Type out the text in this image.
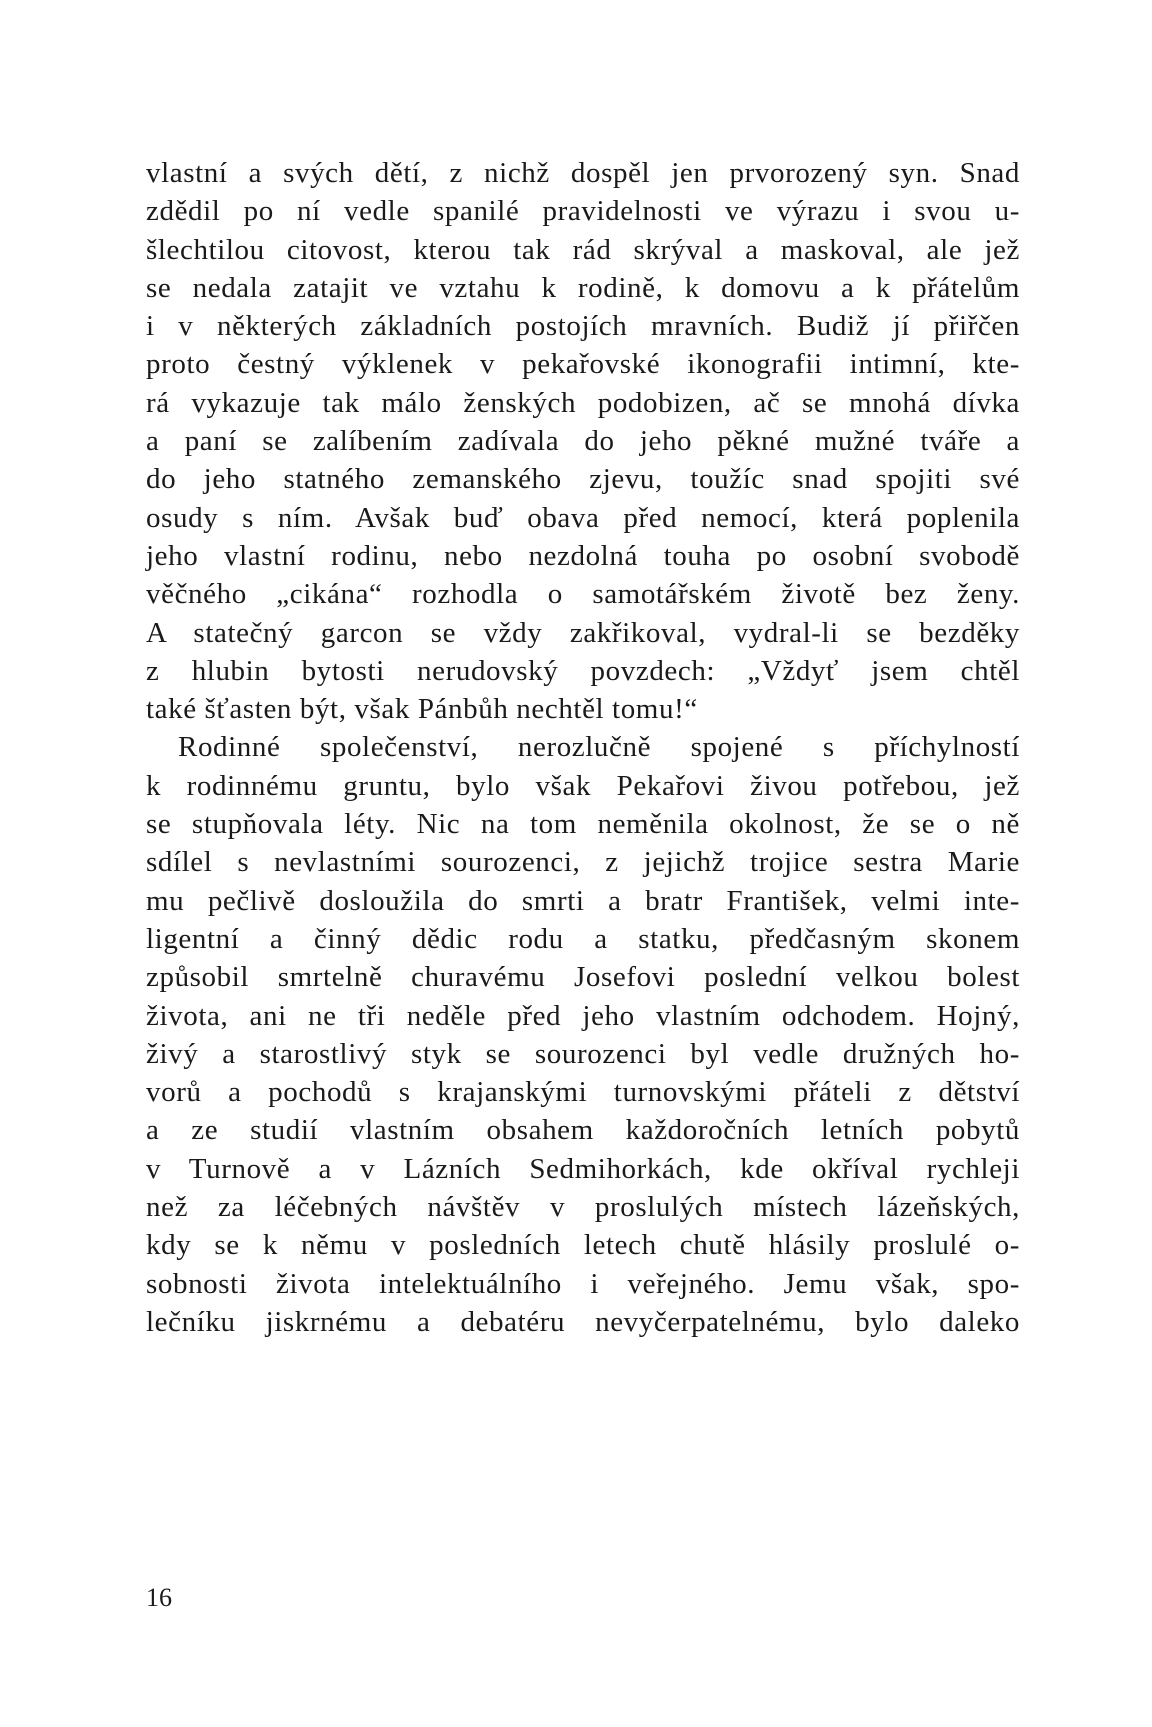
vlastní a svých dětí, z nichž dospěl jen prvorozený syn. Snad
zdědil po ní vedle spanilé pravidelnosti ve výrazu i svou u-
šlechtilou citovost, kterou tak rád skrýval a maskoval, ale jež
se nedala zatajit ve vztahu k rodině, k domovu a k přátelům
i v některých základních postojích mravních. Budiž jí přiřčen
proto čestný výklenek v pekařovské ikonografii intimní, kte-
rá vykazuje tak málo ženských podobizen, ač se mnohá dívka
a paní se zalíbením zadívala do jeho pěkné mužné tváře a
do jeho statného zemanského zjevu, toužíc snad spojiti své
osudy s ním. Avšak buď obava před nemocí, která poplenila
jeho vlastní rodinu, nebo nezdolná touha po osobní svobodě
věčného „cikána“ rozhodla o samotářském životě bez ženy.
A statečný garcon se vždy zakřikoval, vydral-li se bezděky
z hlubin bytosti nerudovský povzdech: „Vždyť jsem chtěl
také šťasten být, však Pánbůh nechtěl tomu!“
Rodinné společenství, nerozlučně spojené s příchylností
k rodinnému gruntu, bylo však Pekařovi živou potřebou, jež
se stupňovala léty. Nic na tom neměnila okolnost, že se o ně
sdílel s nevlastními sourozenci, z jejichž trojice sestra Marie
mu pečlivě dosloužila do smrti a bratr František, velmi inte-
ligentní a činný dědic rodu a statku, předčasným skonem
způsobil smrtelně churavému Josefovi poslední velkou bolest
života, ani ne tři neděle před jeho vlastním odchodem. Hojný,
živý a starostlivý styk se sourozenci byl vedle družných ho-
vorů a pochodů s krajanskými turnovskými přáteli z dětství
a ze studií vlastním obsahem každoročních letních pobytů
v Turnově a v Lázních Sedmihorkách, kde okříval rychleji
než za léčebných návštěv v proslulých místech lázeňských,
kdy se k němu v posledních letech chutě hlásily proslulé o-
sobnosti života intelektuálního i veřejného. Jemu však, spo-
lečníku jiskrnému a debatéru nevyčerpatelnému, bylo daleko
16
